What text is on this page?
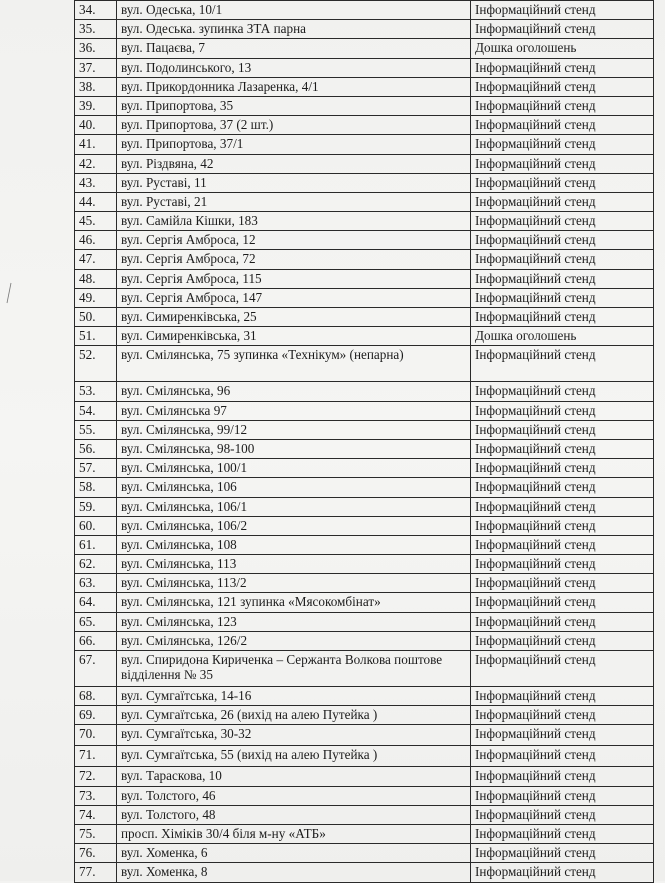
34.	вул. Одеська, 10/1	Інформаційний стенд
35.	вул. Одеська. зупинка ЗТА парна	Інформаційний стенд
36.	вул. Пацаєва, 7	Дошка оголошень
37.	вул. Подолинського, 13	Інформаційний стенд
38.	вул. Прикордонника Лазаренка, 4/1	Інформаційний стенд
39.	вул. Припортова, 35	Інформаційний стенд
40.	вул. Припортова, 37 (2 шт.)	Інформаційний стенд
41.	вул. Припортова, 37/1	Інформаційний стенд
42.	вул. Різдвяна, 42	Інформаційний стенд
43.	вул. Руставі, 11	Інформаційний стенд
44.	вул. Руставі, 21	Інформаційний стенд
45.	вул. Самійла Кішки, 183	Інформаційний стенд
46.	вул. Сергія Амброса, 12	Інформаційний стенд
47.	вул. Сергія Амброса, 72	Інформаційний стенд
48.	вул. Сергія Амброса, 115	Інформаційний стенд
49.	вул. Сергія Амброса, 147	Інформаційний стенд
50.	вул. Симиренківська, 25	Інформаційний стенд
51.	вул. Симиренківська, 31	Дошка оголошень
52.	вул. Смілянська, 75 зупинка «Технікум» (непарна)	Інформаційний стенд
53.	вул. Смілянська, 96	Інформаційний стенд
54.	вул. Смілянська 97	Інформаційний стенд
55.	вул. Смілянська, 99/12	Інформаційний стенд
56.	вул. Смілянська, 98-100	Інформаційний стенд
57.	вул. Смілянська, 100/1	Інформаційний стенд
58.	вул. Смілянська, 106	Інформаційний стенд
59.	вул. Смілянська, 106/1	Інформаційний стенд
60.	вул. Смілянська, 106/2	Інформаційний стенд
61.	вул. Смілянська, 108	Інформаційний стенд
62.	вул. Смілянська, 113	Інформаційний стенд
63.	вул. Смілянська, 113/2	Інформаційний стенд
64.	вул. Смілянська, 121 зупинка «Мясокомбінат»	Інформаційний стенд
65.	вул. Смілянська, 123	Інформаційний стенд
66.	вул. Смілянська, 126/2	Інформаційний стенд
67.	вул. Спиридона Кириченка – Сержанта Волкова поштове відділення № 35	Інформаційний стенд
68.	вул. Сумгаїтська, 14-16	Інформаційний стенд
69.	вул. Сумгаїтська, 26 (вихід на алею Путейка )	Інформаційний стенд
70.	вул. Сумгаїтська, 30-32	Інформаційний стенд
71.	вул. Сумгаїтська, 55 (вихід на алею Путейка )	Інформаційний стенд
72.	вул. Тараскова, 10	Інформаційний стенд
73.	вул. Толстого, 46	Інформаційний стенд
74.	вул. Толстого, 48	Інформаційний стенд
75.	просп. Хіміків 30/4 біля м-ну «АТБ»	Інформаційний стенд
76.	вул. Хоменка, 6	Інформаційний стенд
77.	вул. Хоменка, 8	Інформаційний стенд
